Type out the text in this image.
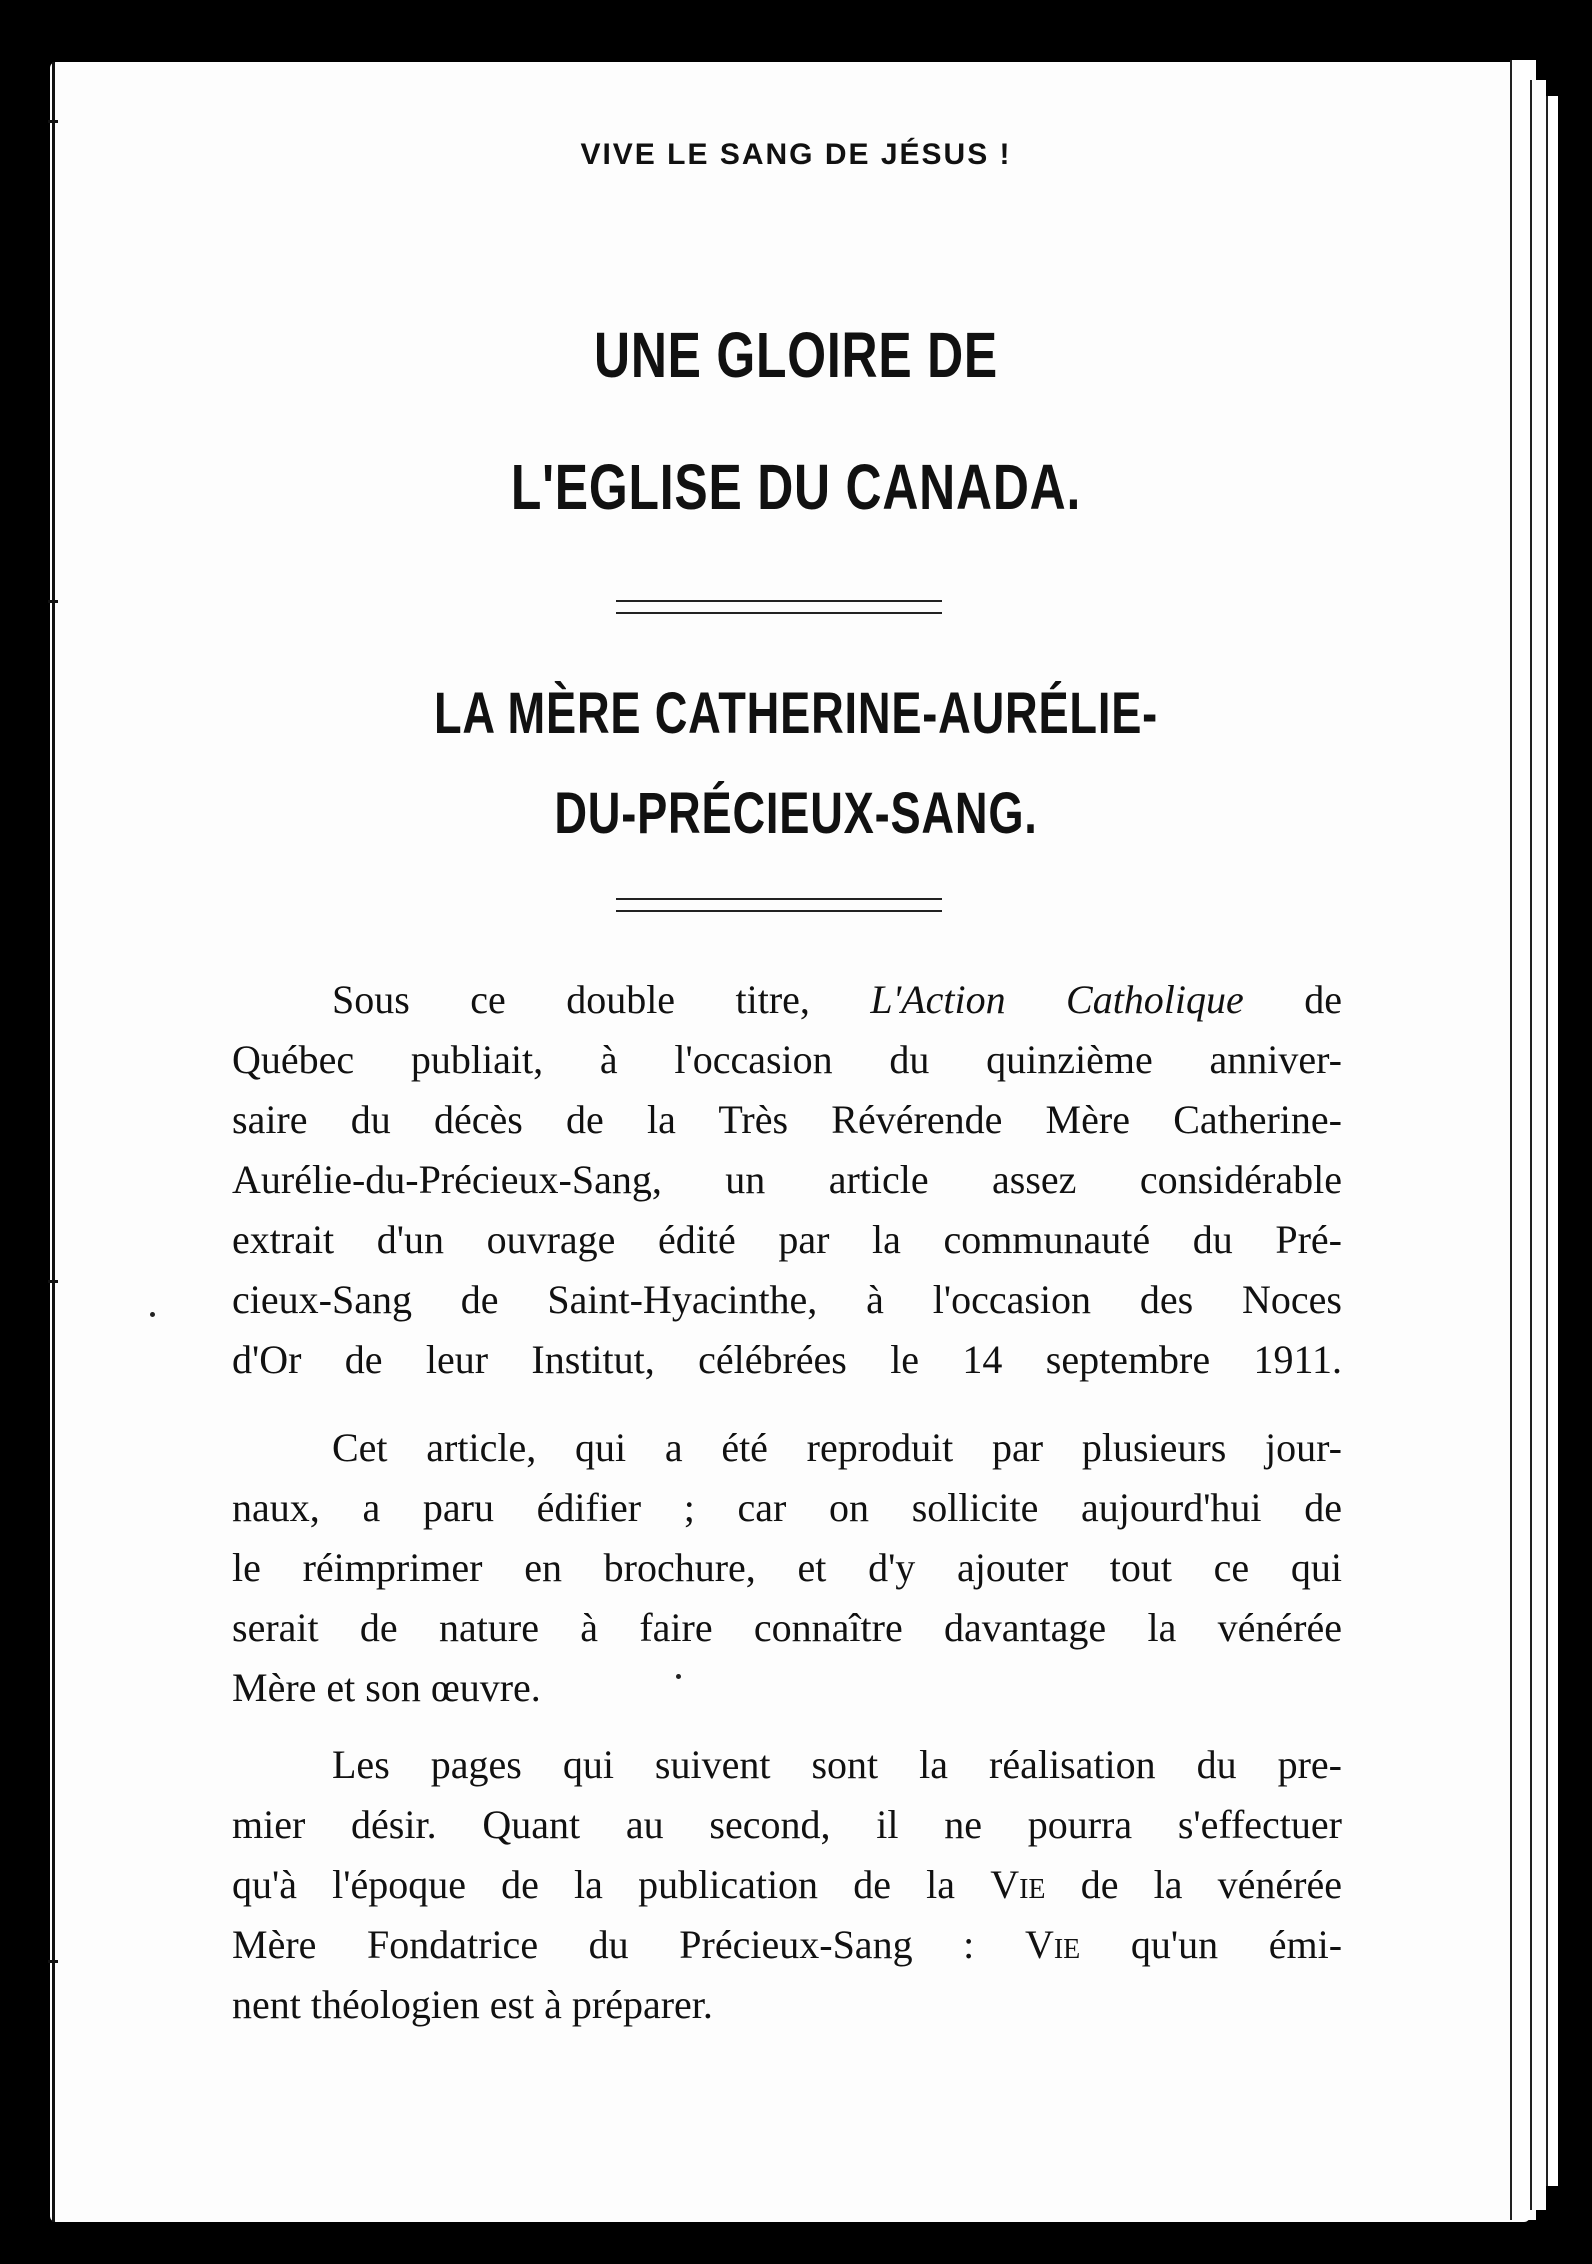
VIVE LE SANG DE JÉSUS !
UNE GLOIRE DE
L'EGLISE DU CANADA.
LA MÈRE CATHERINE-AURÉLIE-
DU-PRÉCIEUX-SANG.
Sous ce double titre, L'Action Catholique de
Québec publiait, à l'occasion du quinzième anniver-
saire du décès de la Très Révérende Mère Catherine-
Aurélie-du-Précieux-Sang, un article assez considérable
extrait d'un ouvrage édité par la communauté du Pré-
cieux-Sang de Saint-Hyacinthe, à l'occasion des Noces
d'Or de leur Institut, célébrées le 14 septembre 1911.
Cet article, qui a été reproduit par plusieurs jour-
naux, a paru édifier ; car on sollicite aujourd'hui de
le réimprimer en brochure, et d'y ajouter tout ce qui
serait de nature à faire connaître davantage la vénérée
Mère et son œuvre.
Les pages qui suivent sont la réalisation du pre-
mier désir. Quant au second, il ne pourra s'effectuer
qu'à l'époque de la publication de la Vie de la vénérée
Mère Fondatrice du Précieux-Sang : Vie qu'un émi-
nent théologien est à préparer.
